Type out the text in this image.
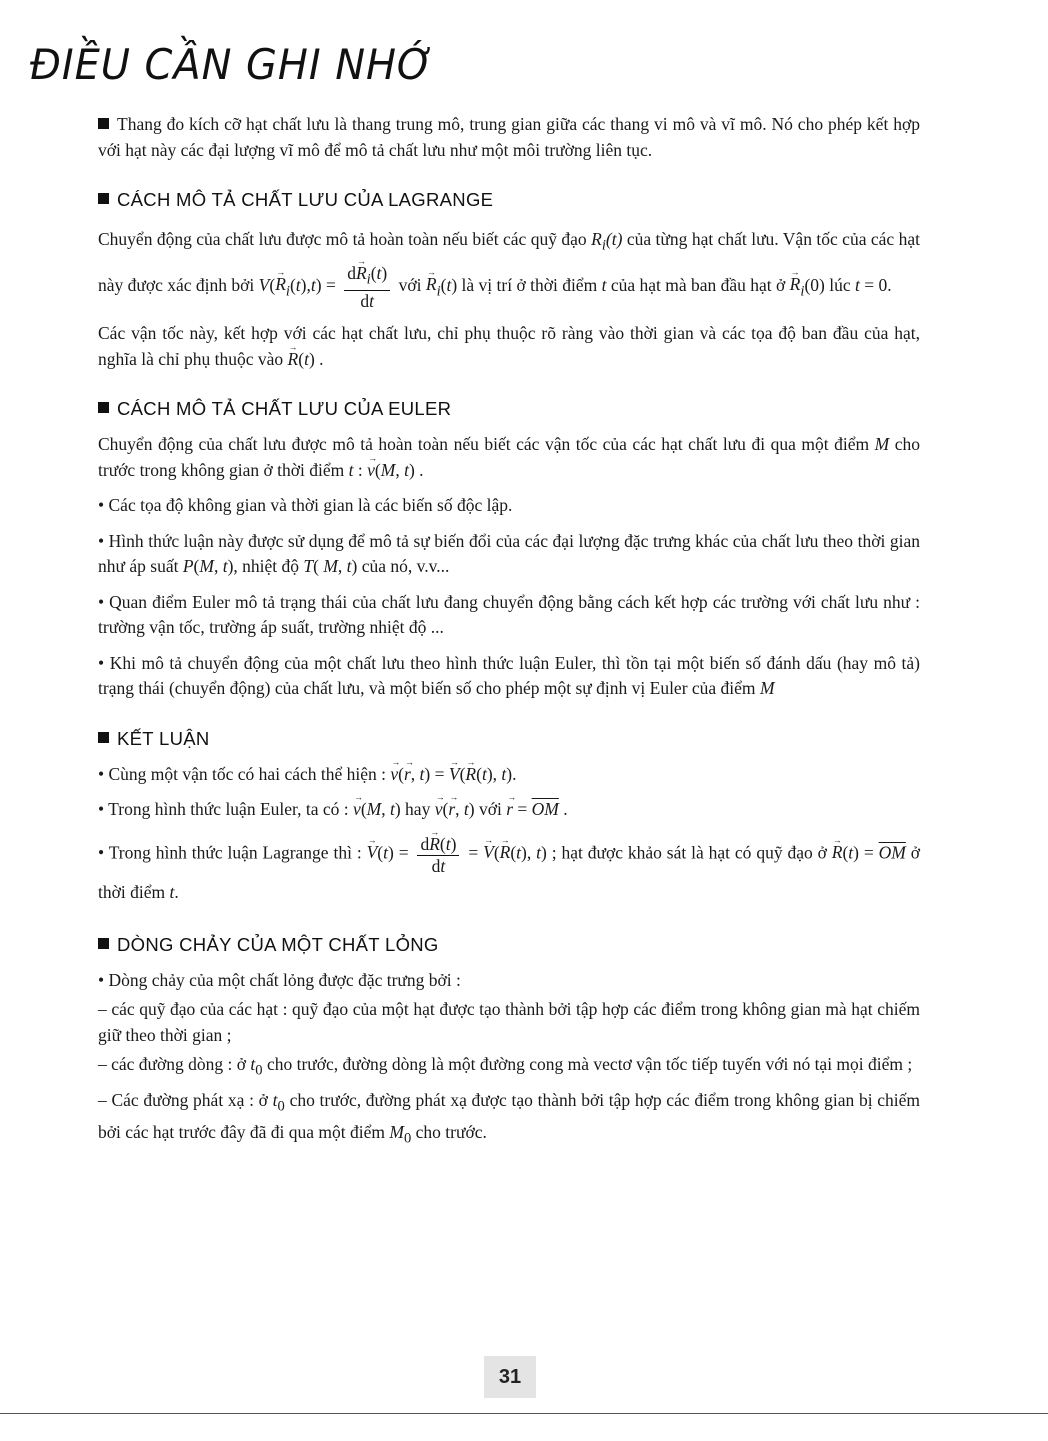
ĐIỀU CẦN GHI NHỚ

Thang đo kích cỡ hạt chất lưu là thang trung mô, trung gian giữa các thang vi mô và vĩ mô. Nó cho phép kết hợp với hạt này các đại lượng vĩ mô để mô tả chất lưu như một môi trường liên tục.

CÁCH MÔ TẢ CHẤT LƯU CỦA LAGRANGE

Chuyển động của chất lưu được mô tả hoàn toàn nếu biết các quỹ đạo $R_i(t)$ của từng hạt chất lưu. Vận tốc của các hạt này được xác định bởi $V(\to R_i(t),t) = \frac{d\to R_i(t)}{dt}$ với → $R_i(t)$ là vị trí ở thời điểm t của hạt mà ban đầu hạt ở → $R_i(0)$ lúc t = 0.

Các vận tốc này, kết hợp với các hạt chất lưu, chỉ phụ thuộc rõ ràng vào thời gian và các tọa độ ban đầu của hạt, nghĩa là chỉ phụ thuộc vào → R(t) .

CÁCH MÔ TẢ CHẤT LƯU CỦA EULER

Chuyển động của chất lưu được mô tả hoàn toàn nếu biết các vận tốc của các hạt chất lưu đi qua một điểm M cho trước trong không gian ở thời điểm t : → v(M, t) .

• Các tọa độ không gian và thời gian là các biến số độc lập.

• Hình thức luận này được sử dụng để mô tả sự biến đổi của các đại lượng đặc trưng khác của chất lưu theo thời gian như áp suất P(M, t), nhiệt độ T( M, t) của nó, v.v...

• Quan điểm Euler mô tả trạng thái của chất lưu đang chuyển động bằng cách kết hợp các trường với chất lưu như : trường vận tốc, trường áp suất, trường nhiệt độ ...

• Khi mô tả chuyển động của một chất lưu theo hình thức luận Euler, thì tồn tại một biến số đánh dấu (hay mô tả) trạng thái (chuyển động) của chất lưu, và một biến số cho phép một sự định vị Euler của điểm M

KẾT LUẬN

• Cùng một vận tốc có hai cách thể hiện : → v(→ r, t) = → V(→ R(t), t).

• Trong hình thức luận Euler, ta có : → v(M, t) hay → v(→ r, t) với → $r = \overline{OM}$ .

• Trong hình thức luận Lagrange thì : → $V(t) = \frac{d\to R(t)}{dt}$ = → V(→ R(t), t) ; hạt được khảo sát là hạt có quỹ đạo ở → $R(t) = \overline{OM}$ ở thời điểm t.

DÒNG CHẢY CỦA MỘT CHẤT LỎNG

• Dòng chảy của một chất lỏng được đặc trưng bởi :

– các quỹ đạo của các hạt : quỹ đạo của một hạt được tạo thành bởi tập hợp các điểm trong không gian mà hạt chiếm giữ theo thời gian ;

– các đường dòng : ở $t_0$ cho trước, đường dòng là một đường cong mà vectơ vận tốc tiếp tuyến với nó tại mọi điểm ;

– Các đường phát xạ : ở $t_0$ cho trước, đường phát xạ được tạo thành bởi tập hợp các điểm trong không gian bị chiếm bởi các hạt trước đây đã đi qua một điểm $M_0$ cho trước.

31
